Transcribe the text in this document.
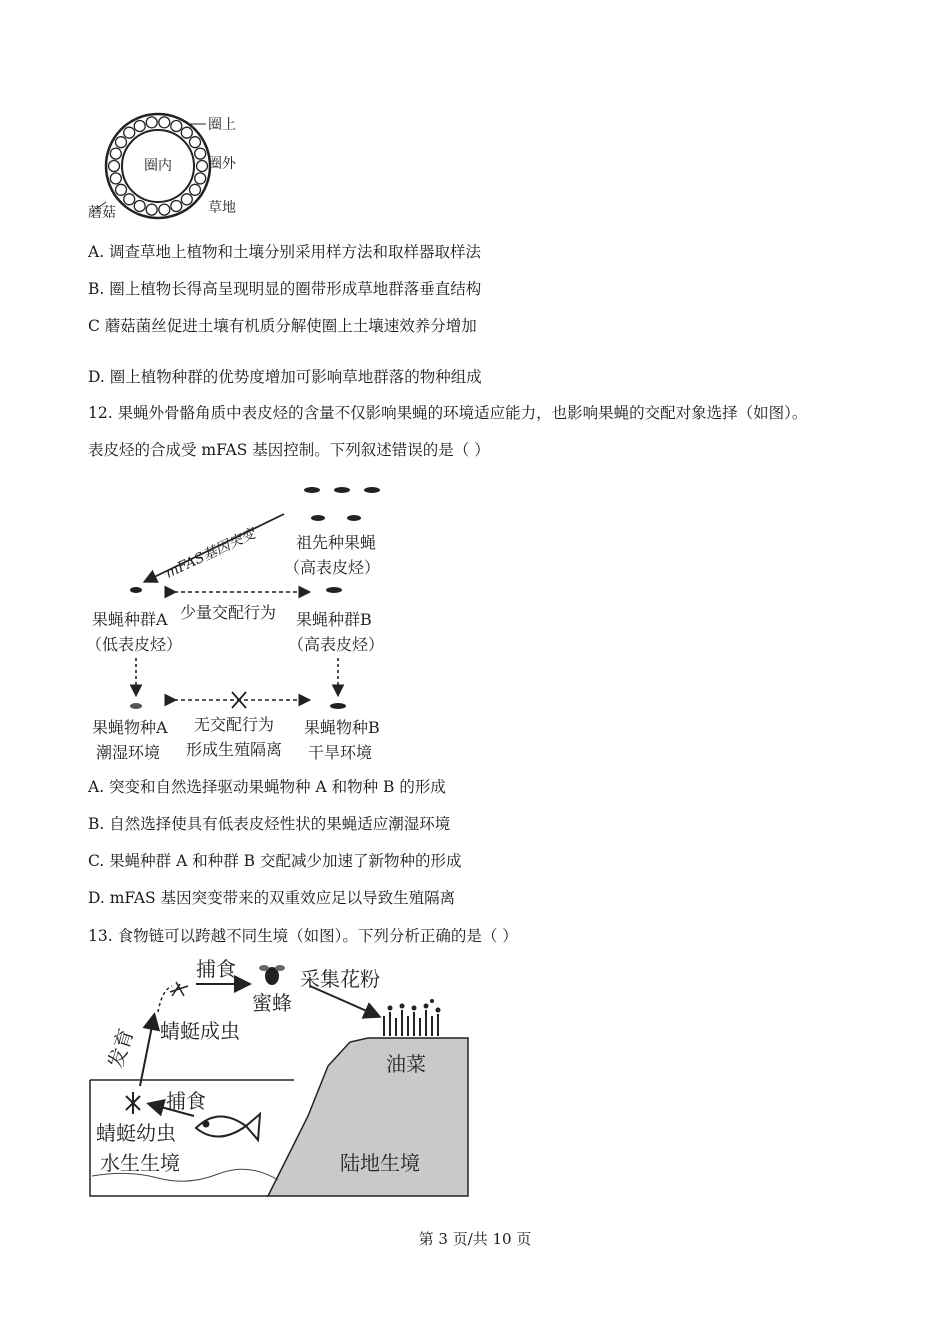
圈内
圈上
圈外
蘑菇	草地
A. 调查草地上植物和土壤分别采用样方法和取样器取样法
B. 圈上植物长得高呈现明显的圈带形成草地群落垂直结构
C 蘑菇菌丝促进土壤有机质分解使圈上土壤速效养分增加
D. 圈上植物种群的优势度增加可影响草地群落的物种组成
12. 果蝇外骨骼角质中表皮烃的含量不仅影响果蝇的环境适应能力，也影响果蝇的交配对象选择（如图）。
表皮烃的合成受 mFAS 基因控制。下列叙述错误的是（ ）
祖先种果蝇
（高表皮烃）
mFAS基因突变
果蝇种群A
（低表皮烃）
果蝇种群B
（高表皮烃）
少量交配行为
果蝇物种A
潮湿环境
无交配行为
形成生殖隔离
果蝇物种B
干旱环境
A. 突变和自然选择驱动果蝇物种 A 和物种 B 的形成
B. 自然选择使具有低表皮烃性状的果蝇适应潮湿环境
C. 果蝇种群 A 和种群 B 交配减少加速了新物种的形成
D. mFAS 基因突变带来的双重效应足以导致生殖隔离
13. 食物链可以跨越不同生境（如图）。下列分析正确的是（ ）
捕食
蜜蜂
采集花粉
发育 蜻蜓成虫
油菜
捕食
蜻蜓幼虫
水生生境	陆地生境
第 3 页/共 10 页
